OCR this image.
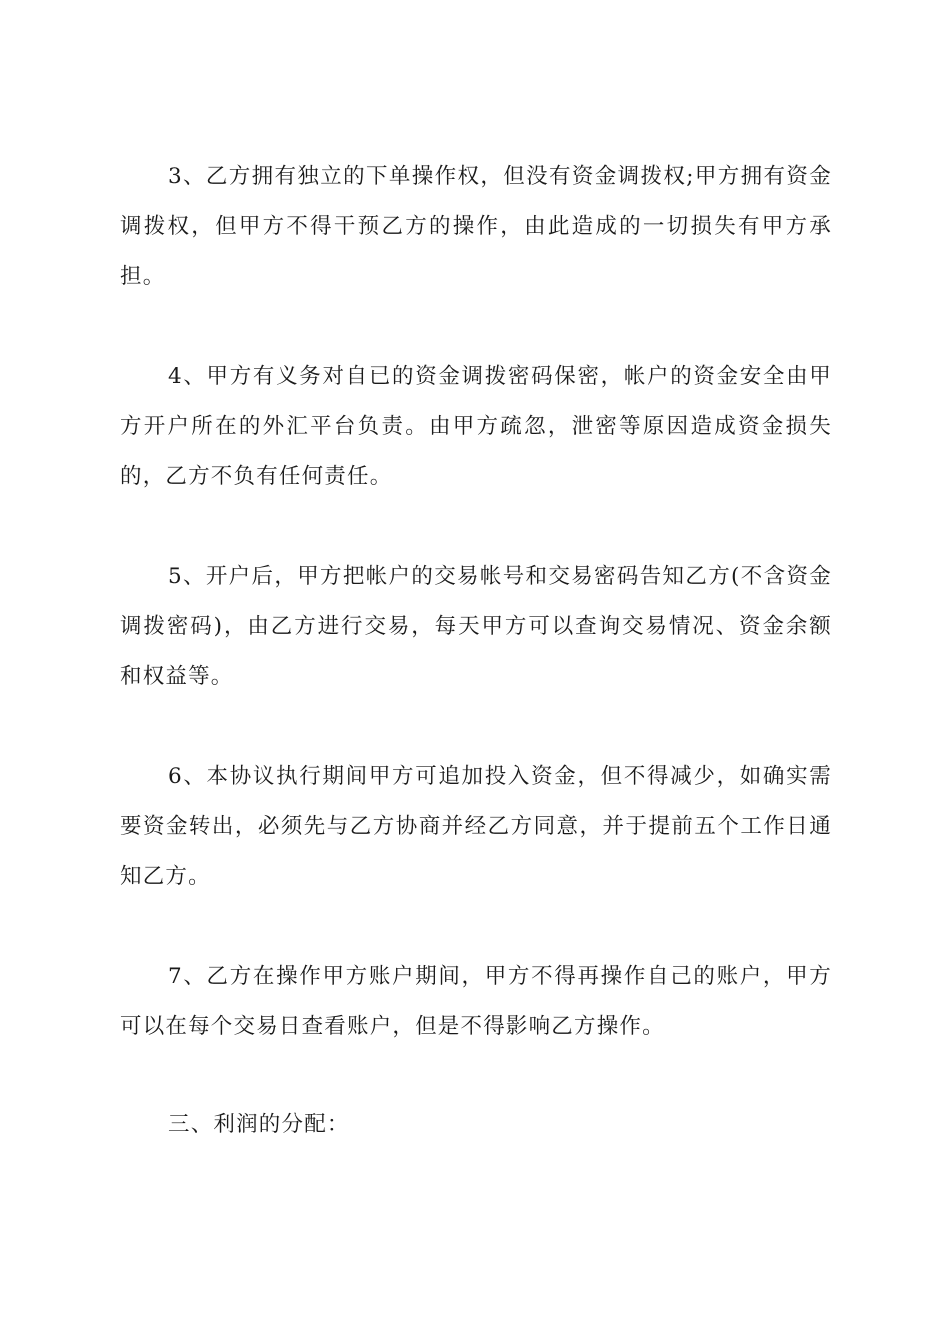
3、乙方拥有独立的下单操作权，但没有资金调拨权;甲方拥有资金调拨权，但甲方不得干预乙方的操作，由此造成的一切损失有甲方承担。

4、甲方有义务对自已的资金调拨密码保密，帐户的资金安全由甲方开户所在的外汇平台负责。由甲方疏忽，泄密等原因造成资金损失的，乙方不负有任何责任。

5、开户后，甲方把帐户的交易帐号和交易密码告知乙方(不含资金调拨密码)，由乙方进行交易，每天甲方可以查询交易情况、资金余额和权益等。

6、本协议执行期间甲方可追加投入资金，但不得减少，如确实需要资金转出，必须先与乙方协商并经乙方同意，并于提前五个工作日通知乙方。

7、乙方在操作甲方账户期间，甲方不得再操作自己的账户，甲方可以在每个交易日查看账户，但是不得影响乙方操作。

三、利润的分配：
